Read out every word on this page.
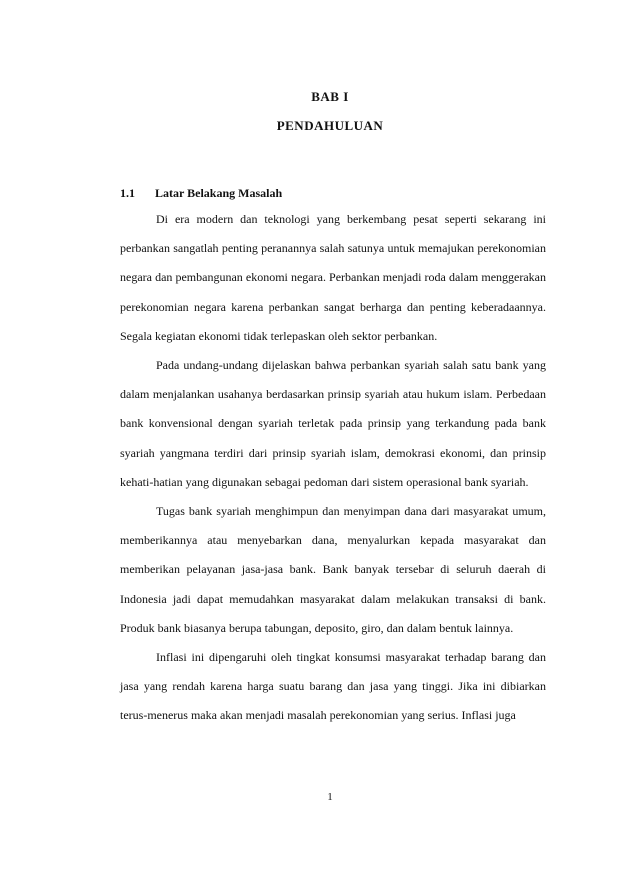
BAB I
PENDAHULUAN
1.1 Latar Belakang Masalah

Di era modern dan teknologi yang berkembang pesat seperti sekarang ini perbankan sangatlah penting peranannya salah satunya untuk memajukan perekonomian negara dan pembangunan ekonomi negara. Perbankan menjadi roda dalam menggerakan perekonomian negara karena perbankan sangat berharga dan penting keberadaannya. Segala kegiatan ekonomi tidak terlepaskan oleh sektor perbankan.

Pada undang-undang dijelaskan bahwa perbankan syariah salah satu bank yang dalam menjalankan usahanya berdasarkan prinsip syariah atau hukum islam. Perbedaan bank konvensional dengan syariah terletak pada prinsip yang terkandung pada bank syariah yangmana terdiri dari prinsip syariah islam, demokrasi ekonomi, dan prinsip kehati-hatian yang digunakan sebagai pedoman dari sistem operasional bank syariah.

Tugas bank syariah menghimpun dan menyimpan dana dari masyarakat umum, memberikannya atau menyebarkan dana, menyalurkan kepada masyarakat dan memberikan pelayanan jasa-jasa bank. Bank banyak tersebar di seluruh daerah di Indonesia jadi dapat memudahkan masyarakat dalam melakukan transaksi di bank. Produk bank biasanya berupa tabungan, deposito, giro, dan dalam bentuk lainnya.

Inflasi ini dipengaruhi oleh tingkat konsumsi masyarakat terhadap barang dan jasa yang rendah karena harga suatu barang dan jasa yang tinggi. Jika ini dibiarkan terus-menerus maka akan menjadi masalah perekonomian yang serius. Inflasi juga

1
